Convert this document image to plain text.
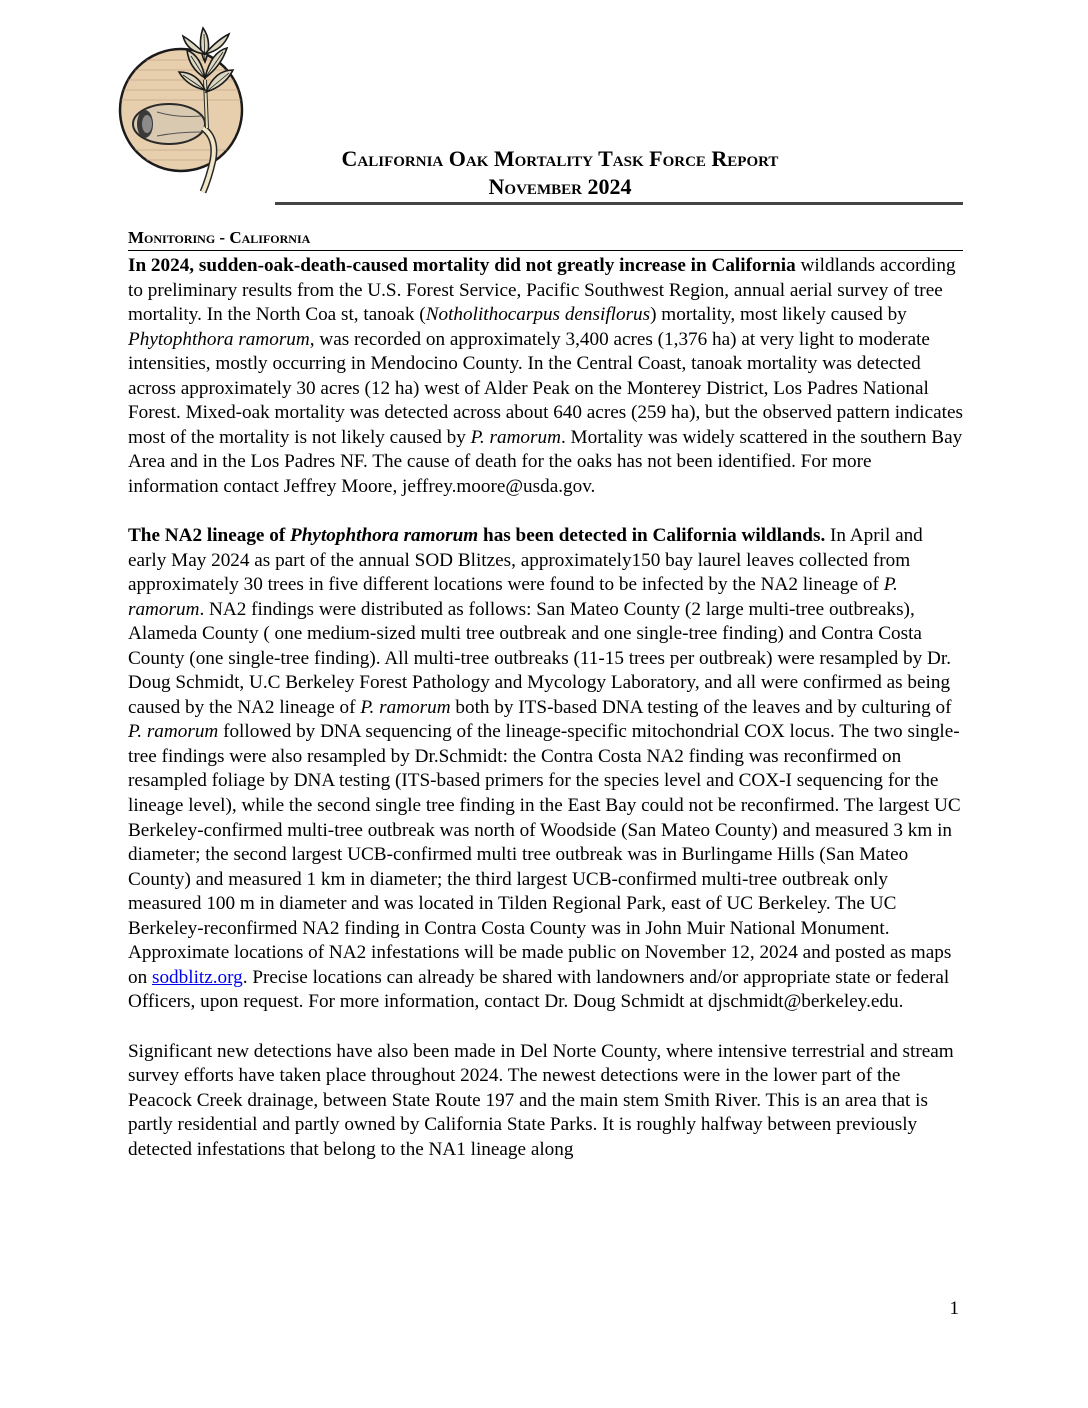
California Oak Mortality Task Force Report
November 2024
Monitoring - California

In 2024, sudden-oak-death-caused mortality did not greatly increase in California wildlands according to preliminary results from the U.S. Forest Service, Pacific Southwest Region, annual aerial survey of tree mortality. In the North Coa st, tanoak (Notholithocarpus densiflorus) mortality, most likely caused by Phytophthora ramorum, was recorded on approximately 3,400 acres (1,376 ha) at very light to moderate intensities, mostly occurring in Mendocino County. In the Central Coast, tanoak mortality was detected across approximately 30 acres (12 ha) west of Alder Peak on the Monterey District, Los Padres National Forest. Mixed-oak mortality was detected across about 640 acres (259 ha), but the observed pattern indicates most of the mortality is not likely caused by P. ramorum. Mortality was widely scattered in the southern Bay Area and in the Los Padres NF. The cause of death for the oaks has not been identified. For more information contact Jeffrey Moore, jeffrey.moore@usda.gov.

The NA2 lineage of Phytophthora ramorum has been detected in California wildlands. In April and early May 2024 as part of the annual SOD Blitzes, approximately150 bay laurel leaves collected from approximately 30 trees in five different locations were found to be infected by the NA2 lineage of P. ramorum. NA2 findings were distributed as follows: San Mateo County (2 large multi-tree outbreaks), Alameda County ( one medium-sized multi tree outbreak and one single-tree finding) and Contra Costa County (one single-tree finding). All multi-tree outbreaks (11-15 trees per outbreak) were resampled by Dr. Doug Schmidt, U.C Berkeley Forest Pathology and Mycology Laboratory, and all were confirmed as being caused by the NA2 lineage of P. ramorum both by ITS-based DNA testing of the leaves and by culturing of P. ramorum followed by DNA sequencing of the lineage-specific mitochondrial COX locus. The two single-tree findings were also resampled by Dr.Schmidt: the Contra Costa NA2 finding was reconfirmed on resampled foliage by DNA testing (ITS-based primers for the species level and COX-I sequencing for the lineage level), while the second single tree finding in the East Bay could not be reconfirmed. The largest UC Berkeley-confirmed multi-tree outbreak was north of Woodside (San Mateo County) and measured 3 km in diameter; the second largest UCB-confirmed multi tree outbreak was in Burlingame Hills (San Mateo County) and measured 1 km in diameter; the third largest UCB-confirmed multi-tree outbreak only measured 100 m in diameter and was located in Tilden Regional Park, east of UC Berkeley. The UC Berkeley-reconfirmed NA2 finding in Contra Costa County was in John Muir National Monument. Approximate locations of NA2 infestations will be made public on November 12, 2024 and posted as maps on sodblitz.org. Precise locations can already be shared with landowners and/or appropriate state or federal Officers, upon request. For more information, contact Dr. Doug Schmidt at djschmidt@berkeley.edu.

Significant new detections have also been made in Del Norte County, where intensive terrestrial and stream survey efforts have taken place throughout 2024. The newest detections were in the lower part of the Peacock Creek drainage, between State Route 197 and the main stem Smith River. This is an area that is partly residential and partly owned by California State Parks. It is roughly halfway between previously detected infestations that belong to the NA1 lineage along

1
